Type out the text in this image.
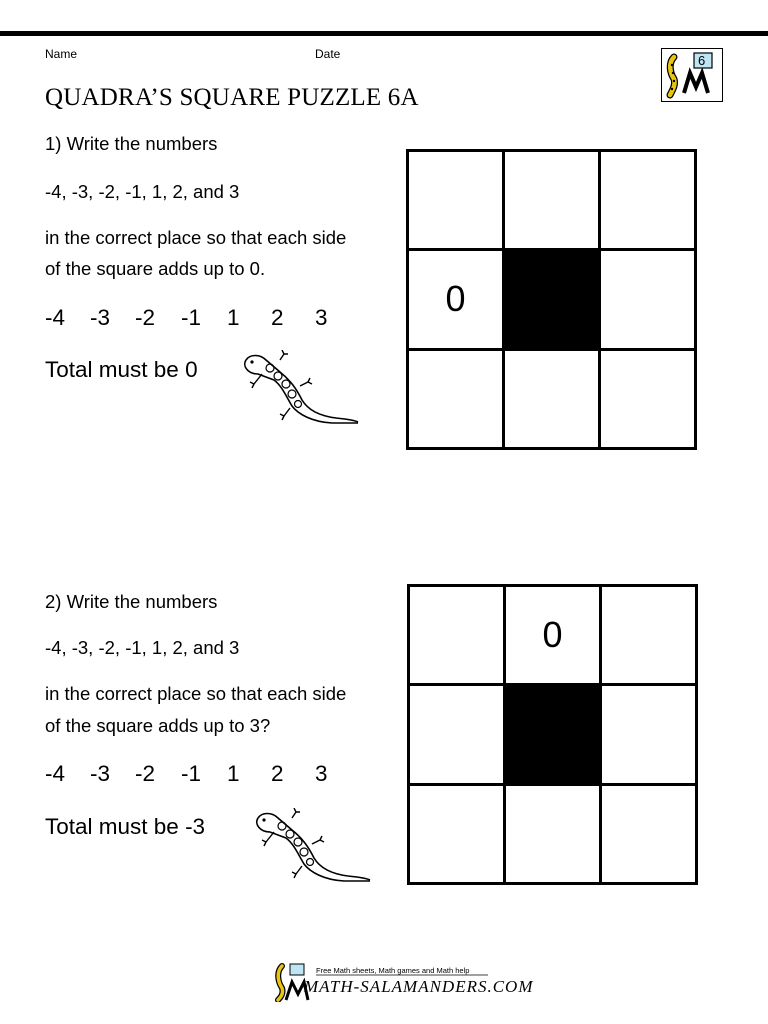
Name	Date
QUADRA’S SQUARE PUZZLE 6A
6
1) Write the numbers
-4, -3, -2, -1, 1, 2, and 3
in the correct place so that each side
of the square adds up to 0.
-4 -3 -2 -1 1 2 3
Total must be 0
0
2) Write the numbers
-4, -3, -2, -1, 1, 2, and 3
in the correct place so that each side
of the square adds up to 3?
-4 -3 -2 -1 1 2 3
Total must be -3
0
Free Math sheets, Math games and Math help
MATH-SALAMANDERS.COM
